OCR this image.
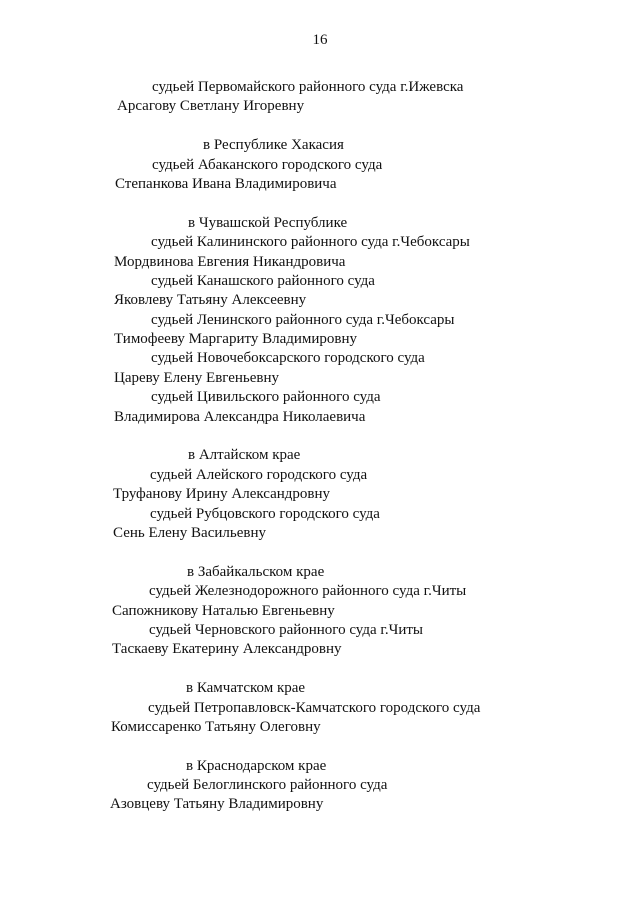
16
судьей Первомайского районного суда г.Ижевска
Арсагову Светлану Игоревну
в Республике Хакасия
судьей Абаканского городского суда
Степанкова Ивана Владимировича
в Чувашской Республике
судьей Калининского районного суда г.Чебоксары
Мордвинова Евгения Никандровича
судьей Канашского районного суда
Яковлеву Татьяну Алексеевну
судьей Ленинского районного суда г.Чебоксары
Тимофееву Маргариту Владимировну
судьей Новочебоксарского городского суда
Цареву Елену Евгеньевну
судьей Цивильского районного суда
Владимирова Александра Николаевича
в Алтайском крае
судьей Алейского городского суда
Труфанову Ирину Александровну
судьей Рубцовского городского суда
Сень Елену Васильевну
в Забайкальском крае
судьей Железнодорожного районного суда г.Читы
Сапожникову Наталью Евгеньевну
судьей Черновского районного суда г.Читы
Таскаеву Екатерину Александровну
в Камчатском крае
судьей Петропавловск-Камчатского городского суда
Комиссаренко Татьяну Олеговну
в Краснодарском крае
судьей Белоглинского районного суда
Азовцеву Татьяну Владимировну
